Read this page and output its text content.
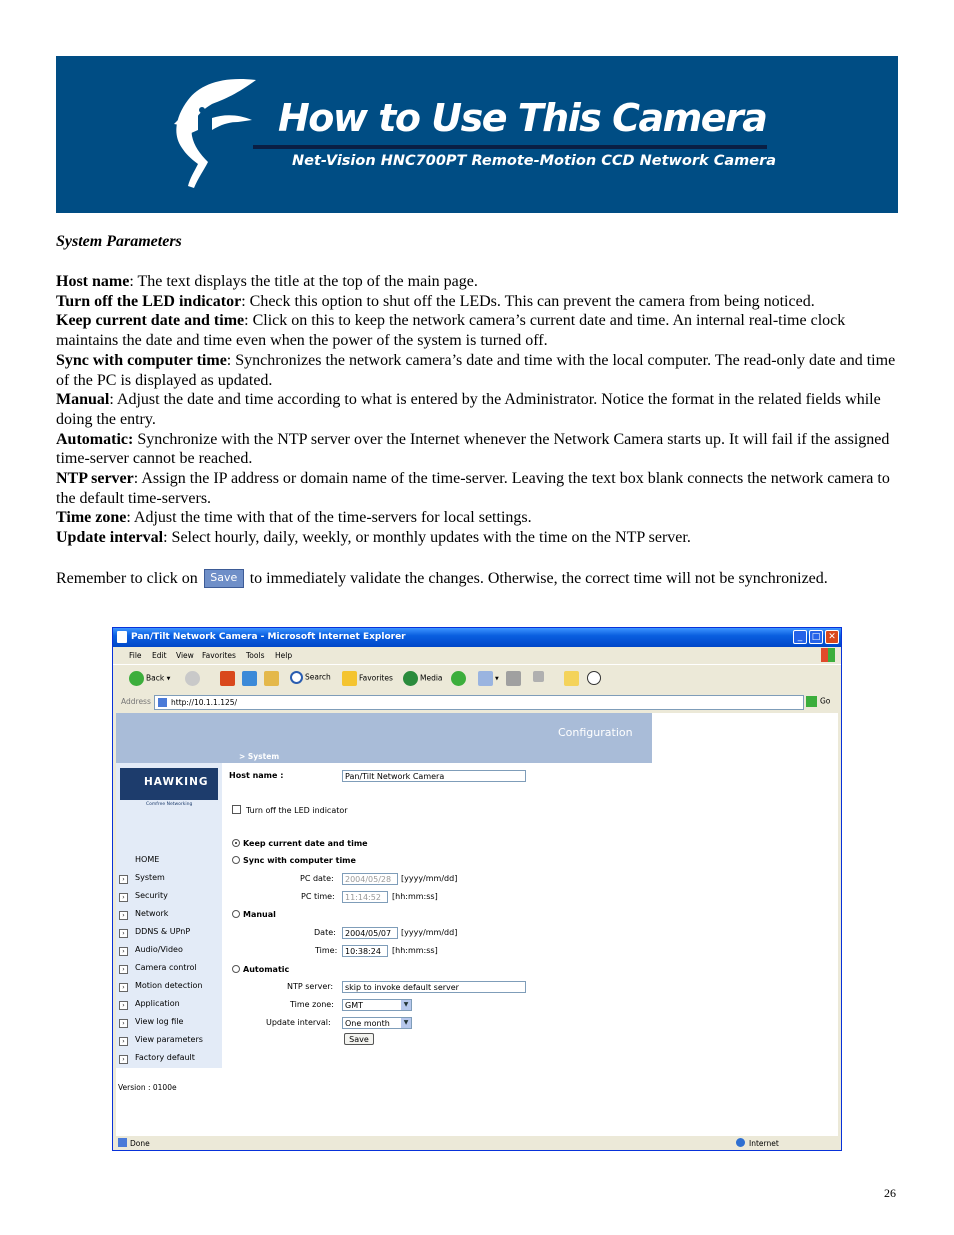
How to Use This Camera
Net-Vision HNC700PT Remote-Motion CCD Network Camera
System Parameters

Host name: The text displays the title at the top of the main page.

Turn off the LED indicator: Check this option to shut off the LEDs. This can prevent the camera from being noticed.

Keep current date and time: Click on this to keep the network camera’s current date and time. An internal real-time clock maintains the date and time even when the power of the system is turned off.

Sync with computer time: Synchronizes the network camera’s date and time with the local computer. The read-only date and time of the PC is displayed as updated.

Manual: Adjust the date and time according to what is entered by the Administrator. Notice the format in the related fields while doing the entry.

Automatic: Synchronize with the NTP server over the Internet whenever the Network Camera starts up. It will fail if the assigned time-server cannot be reached.

NTP server: Assign the IP address or domain name of the time-server. Leaving the text box blank connects the network camera to the default time-servers.

Time zone: Adjust the time with that of the time-servers for local settings.

Update interval: Select hourly, daily, weekly, or monthly updates with the time on the NTP server.

Remember to click on Save to immediately validate the changes. Otherwise, the correct time will not be synchronized.
Pan/Tilt Network Camera - Microsoft Internet Explorer	_	□ ✕
File Edit View Favorites Tools Help
Back ▾	Search	Favorites	Media	▾
Address	http://10.1.1.125/	Go
Configuration
> System
HAWKING
Comfree Networking
HOME
› System
› Security
› Network
› DDNS & UPnP
› Audio/Video
› Camera control
› Motion detection
› Application
› View log file
› View parameters
› Factory default
Version : 0100e
Host name :	Pan/Tilt Network Camera
Turn off the LED indicator
Keep current date and time
Sync with computer time
PC date:	2004/05/28	[yyyy/mm/dd]
PC time:	11:14:52	[hh:mm:ss]
Manual
Date:	2004/05/07	[yyyy/mm/dd]
Time: 10:38:24	[hh:mm:ss]
Automatic
NTP server:	skip to invoke default server
Time zone:	GMT	▼
Update interval:	One month	▼
Save
Done	Internet
26
